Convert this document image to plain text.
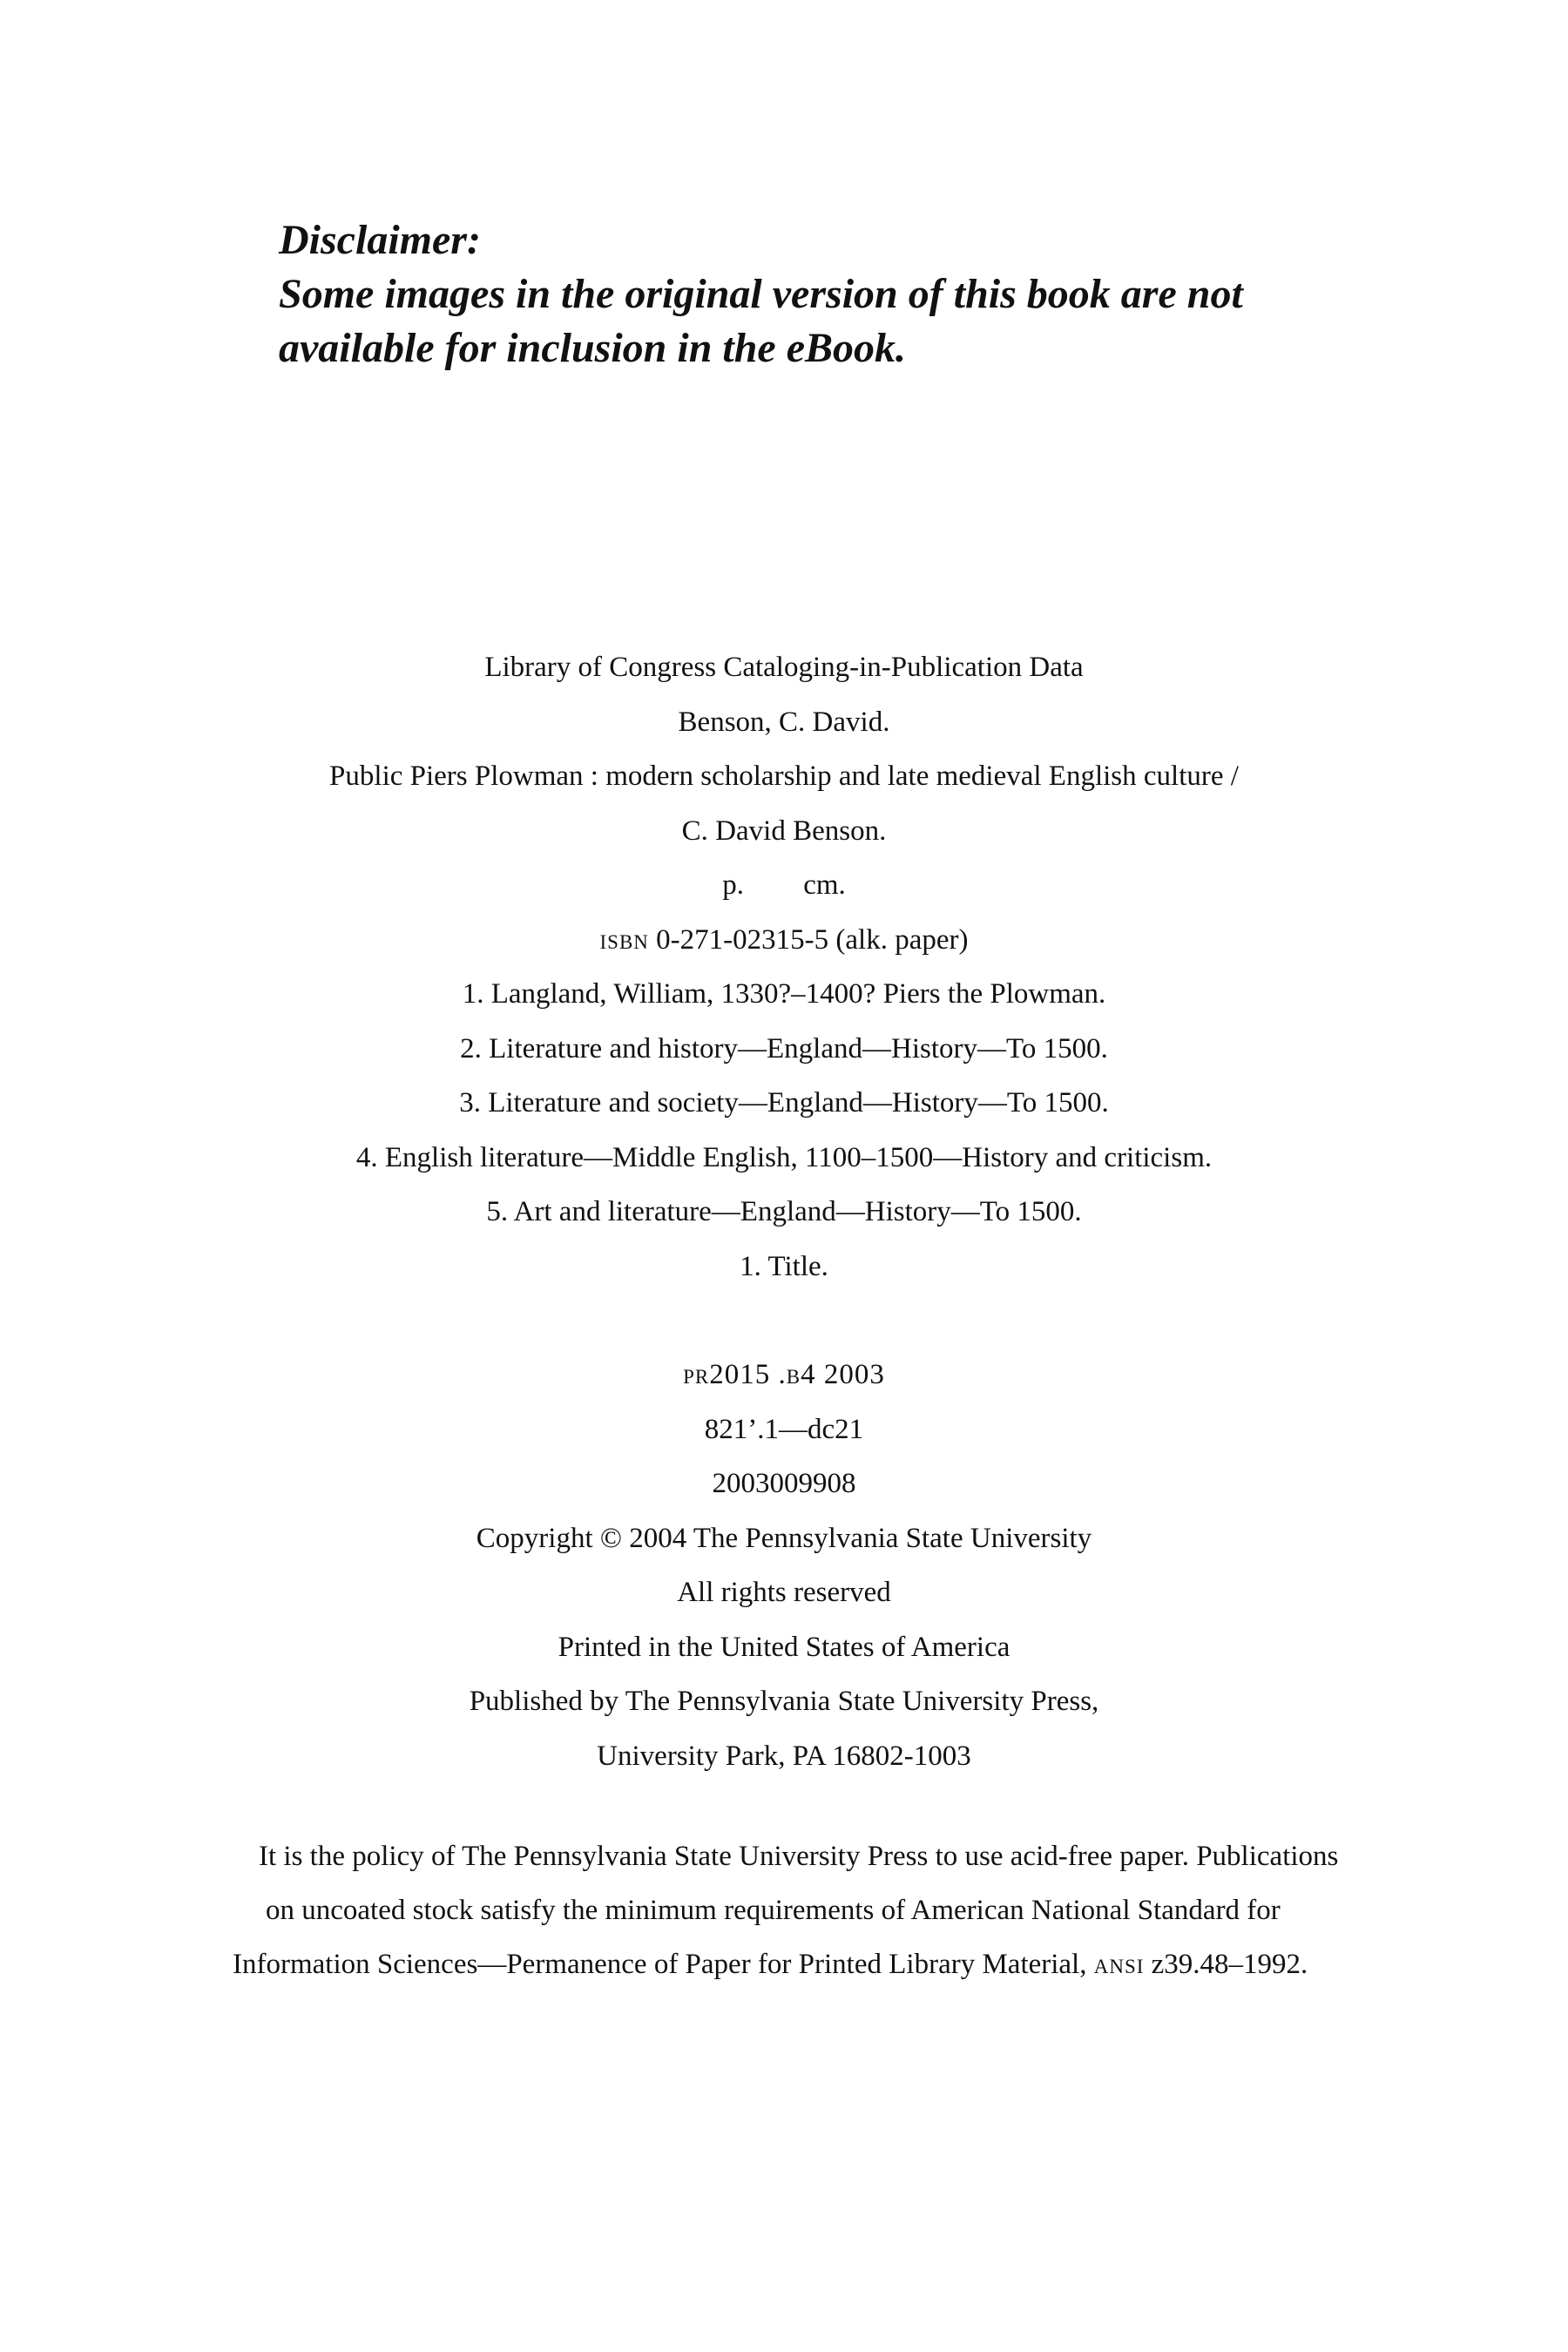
Disclaimer:
Some images in the original version of this book are not
available for inclusion in the eBook.
Library of Congress Cataloging-in-Publication Data
Benson, C. David.
Public Piers Plowman : modern scholarship and late medieval English culture /
C. David Benson.
p. cm.
isbn 0-271-02315-5 (alk. paper)
1. Langland, William, 1330?–1400? Piers the Plowman.
2. Literature and history—England—History—To 1500.
3. Literature and society—England—History—To 1500.
4. English literature—Middle English, 1100–1500—History and criticism.
5. Art and literature—England—History—To 1500.
1. Title.
pr2015 .b4 2003
821’.1—dc21
2003009908
Copyright © 2004 The Pennsylvania State University
All rights reserved
Printed in the United States of America
Published by The Pennsylvania State University Press,
University Park, PA 16802-1003
It is the policy of The Pennsylvania State University Press to use acid-free paper. Publications
on uncoated stock satisfy the minimum requirements of American National Standard for
Information Sciences—Permanence of Paper for Printed Library Material, ansi z39.48–1992.
